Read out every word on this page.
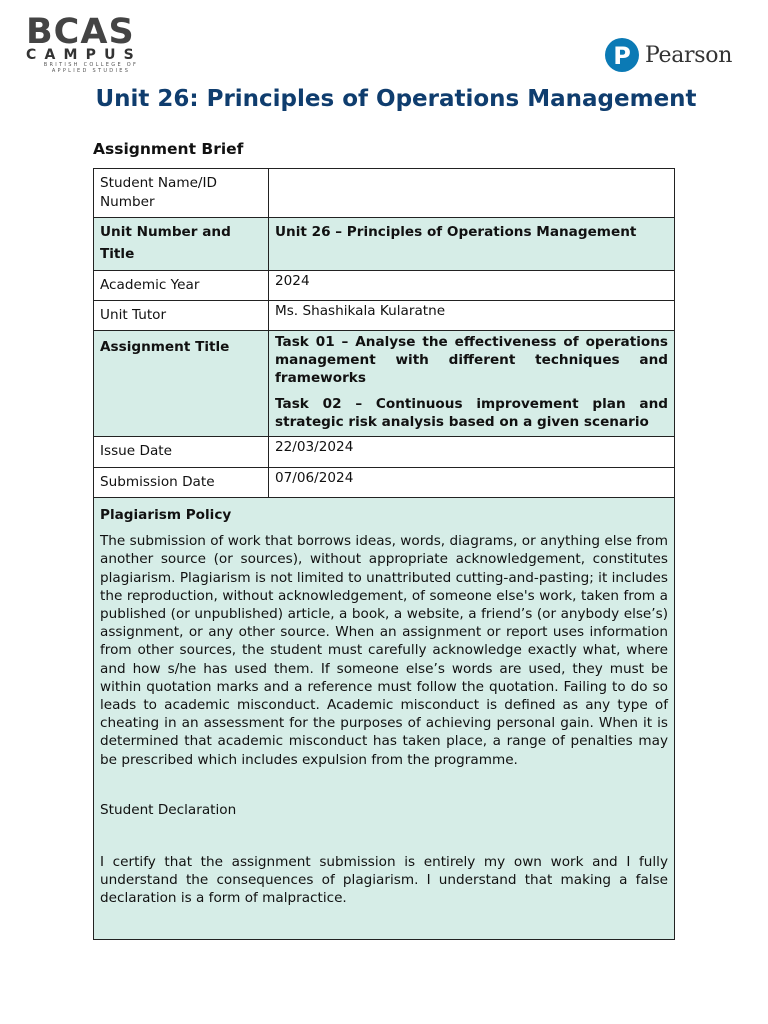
BCAS
CAMPUS
BRITISH COLLEGE OF
APPLIED STUDIES
P Pearson
Unit 26: Principles of Operations Management
Assignment Brief
Student Name/ID Number	
Unit Number and Title	Unit 26 – Principles of Operations Management
Academic Year	2024
Unit Tutor	Ms. Shashikala Kularatne
Assignment Title	Task 01 – Analyse the effectiveness of operations management with different techniques and frameworks

Task 02 – Continuous improvement plan and strategic risk analysis based on a given scenario

Issue Date	22/03/2024
Submission Date	07/06/2024

Plagiarism Policy

The submission of work that borrows ideas, words, diagrams, or anything else from another source (or sources), without appropriate acknowledgement, constitutes plagiarism. Plagiarism is not limited to unattributed cutting-and-pasting; it includes the reproduction, without acknowledgement, of someone else's work, taken from a published (or unpublished) article, a book, a website, a friend’s (or anybody else’s) assignment, or any other source. When an assignment or report uses information from other sources, the student must carefully acknowledge exactly what, where and how s/he has used them. If someone else’s words are used, they must be within quotation marks and a reference must follow the quotation. Failing to do so leads to academic misconduct. Academic misconduct is defined as any type of cheating in an assessment for the purposes of achieving personal gain. When it is determined that academic misconduct has taken place, a range of penalties may be prescribed which includes expulsion from the programme.

Student Declaration

I certify that the assignment submission is entirely my own work and I fully understand the consequences of plagiarism. I understand that making a false declaration is a form of malpractice.	
